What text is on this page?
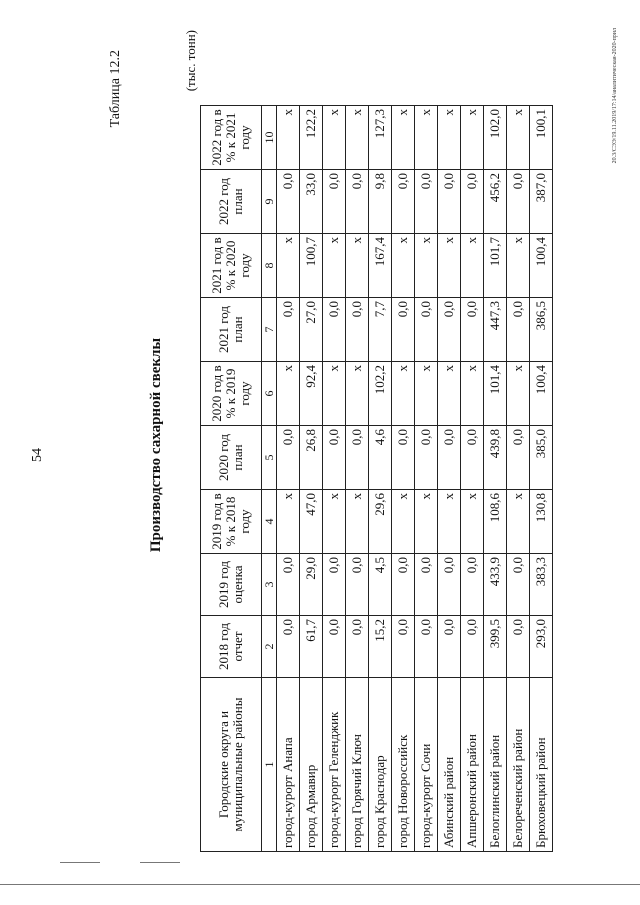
54
Таблица 12.2
Производство сахарной свеклы
(тыс. тонн)
Городские округа и муниципальные районы	2018 год отчет	2019 год оценка	2019 год в % к 2018 году	2020 год план	2020 год в % к 2019 году	2021 год план	2021 год в % к 2020 году	2022 год план	2022 год в % к 2021 году
1	2	3	4	5	6	7	8	9	10
город-курорт Анапа	0,0	0,0	х	0,0	х	0,0	х	0,0	х
город Армавир	61,7	29,0	47,0	26,8	92,4	27,0	100,7	33,0	122,2
город-курорт Геленджик	0,0	0,0	х	0,0	х	0,0	х	0,0	х
город Горячий Ключ	0,0	0,0	х	0,0	х	0,0	х	0,0	х
город Краснодар	15,2	4,5	29,6	4,6	102,2	7,7	167,4	9,8	127,3
город Новороссийск	0,0	0,0	х	0,0	х	0,0	х	0,0	х
город-курорт Сочи	0,0	0,0	х	0,0	х	0,0	х	0,0	х
Абинский район	0,0	0,0	х	0,0	х	0,0	х	0,0	х
Апшеронский район	0,0	0,0	х	0,0	х	0,0	х	0,0	х
Белоглинский район	399,5	433,9	108,6	439,8	101,4	447,3	101,7	456,2	102,0
Белореченский район	0,0	0,0	х	0,0	х	0,0	х	0,0	х
Брюховецкий район	293,0	383,3	130,8	385,0	100,4	386,5	100,4	387,0	100,1	20.3/СЭЭ/19.11.2019/17:14/аналитическая-2020-прил
